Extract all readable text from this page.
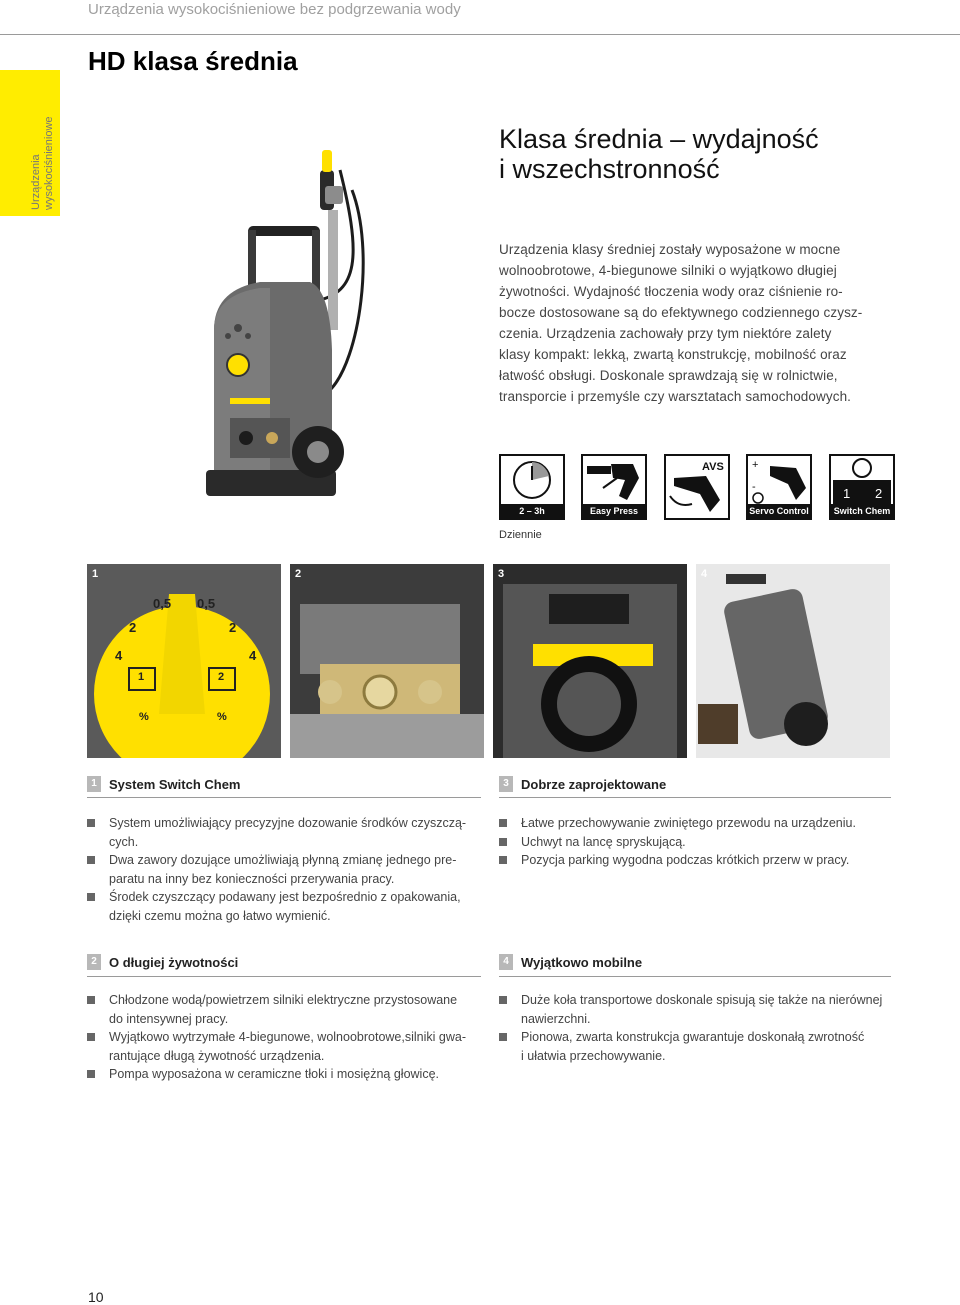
Urządzenia wysokociśnieniowe bez podgrzewania wody
HD klasa średnia
Urządzenia wysokociśnieniowe	Klasa średnia – wydajność
i wszechstronność
Urządzenia klasy średniej zostały wyposażone w mocne
wolnoobrotowe, 4-biegunowe silniki o wyjątkowo długiej
żywotności. Wydajność tłoczenia wody oraz ciśnienie ro-
bocze dostosowane są do efektywnego codziennego czysz-
czenia. Urządzenia zachowały przy tym niektóre zalety
klasy kompakt: lekką, zwartą konstrukcję, mobilność oraz
łatwość obsługi. Doskonale sprawdzają się w rolnictwie,
transporcie i przemyśle czy warsztatach samochodowych.
2 – 3h	Easy Press
AVS	+
-
Servo Control
1 2
Switch Chem
Dziennie
0,5 0,5
2	2
4	4
1	2
%	%
1	2	3	4
1 System Switch Chem
System umożliwiający precyzyjne dozowanie środków czyszczą-
cych.
Dwa zawory dozujące umożliwiają płynną zmianę jednego pre-
paratu na inny bez konieczności przerywania pracy.
Środek czyszczący podawany jest bezpośrednio z opakowania,
dzięki czemu można go łatwo wymienić.
3 Dobrze zaprojektowane
Łatwe przechowywanie zwiniętego przewodu na urządzeniu.
Uchwyt na lancę spryskującą.
Pozycja parking wygodna podczas krótkich przerw w pracy.
2 O długiej żywotności
Chłodzone wodą/powietrzem silniki elektryczne przystosowane
do intensywnej pracy.
Wyjątkowo wytrzymałe 4-biegunowe, wolnoobrotowe,silniki gwa-
rantujące długą żywotność urządzenia.
Pompa wyposażona w ceramiczne tłoki i mosiężną głowicę.
4 Wyjątkowo mobilne
Duże koła transportowe doskonale spisują się także na nierównej
nawierzchni.
Pionowa, zwarta konstrukcja gwarantuje doskonałą zwrotność
i ułatwia przechowywanie.
10
